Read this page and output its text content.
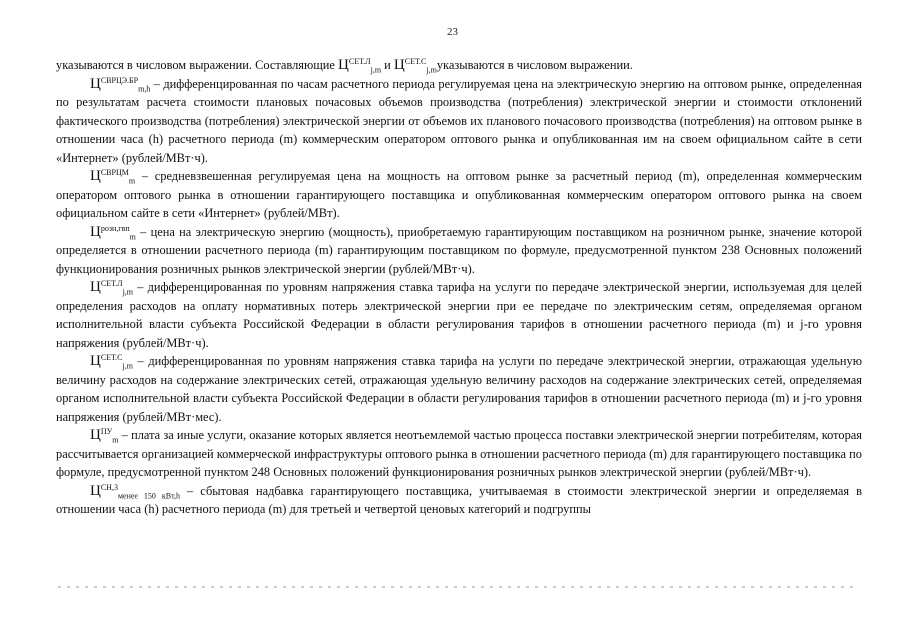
23

указываются в числовом выражении. Составляющие $Ц^{СЕТ.Л}_{j,m}$ и $Ц^{СЕТ.С}_{j,m}указываются$ в числовом выражении.

$Ц^{СВРЦЭ.БР}_{m,h}$ – дифференцированная по часам расчетного периода регулируемая цена на электрическую энергию на оптовом рынке, определенная по результатам расчета стоимости плановых почасовых объемов производства (потребления) электрической энергии и стоимости отклонений фактического производства (потребления) электрической энергии от объемов их планового почасового производства (потребления) на оптовом рынке в отношении часа (h) расчетного периода (m) коммерческим оператором оптового рынка и опубликованная им на своем официальном сайте в сети «Интернет» (рублей/МВт·ч).

$Ц^{СВРЦМ}_m$ – средневзвешенная регулируемая цена на мощность на оптовом рынке за расчетный период (m), определенная коммерческим оператором оптового рынка в отношении гарантирующего поставщика и опубликованная коммерческим оператором оптового рынка на своем официальном сайте в сети «Интернет» (рублей/МВт).

$Ц^{розн,гвп}_m$ – цена на электрическую энергию (мощность), приобретаемую гарантирующим поставщиком на розничном рынке, значение которой определяется в отношении расчетного периода (m) гарантирующим поставщиком по формуле, предусмотренной пунктом 238 Основных положений функционирования розничных рынков электрической энергии (рублей/МВт·ч).

$Ц^{СЕТ.Л}_{j,m}$ – дифференцированная по уровням напряжения ставка тарифа на услуги по передаче электрической энергии, используемая для целей определения расходов на оплату нормативных потерь электрической энергии при ее передаче по электрическим сетям, определяемая органом исполнительной власти субъекта Российской Федерации в области регулирования тарифов в отношении расчетного периода (m) и j-го уровня напряжения (рублей/МВт·ч).

$Ц^{СЕТ.С}_{j,m}$ – дифференцированная по уровням напряжения ставка тарифа на услуги по передаче электрической энергии, отражающая удельную величину расходов на содержание электрических сетей, отражающая удельную величину расходов на содержание электрических сетей, определяемая органом исполнительной власти субъекта Российской Федерации в области регулирования тарифов в отношении расчетного периода (m) и j-го уровня напряжения (рублей/МВт·мес).

$Ц^{ПУ}_m$ – плата за иные услуги, оказание которых является неотъемлемой частью процесса поставки электрической энергии потребителям, которая рассчитывается организацией коммерческой инфраструктуры оптового рынка в отношении расчетного периода (m) для гарантирующего поставщика по формуле, предусмотренной пунктом 248 Основных положений функционирования розничных рынков электрической энергии (рублей/МВт·ч).

$Ц^{СН,3}_{менее 150 кВт,h}$ – сбытовая надбавка гарантирующего поставщика, учитываемая в стоимости электрической энергии и определяемая в отношении часа (h) расчетного периода (m) для третьей и четвертой ценовых категорий и подгруппы
